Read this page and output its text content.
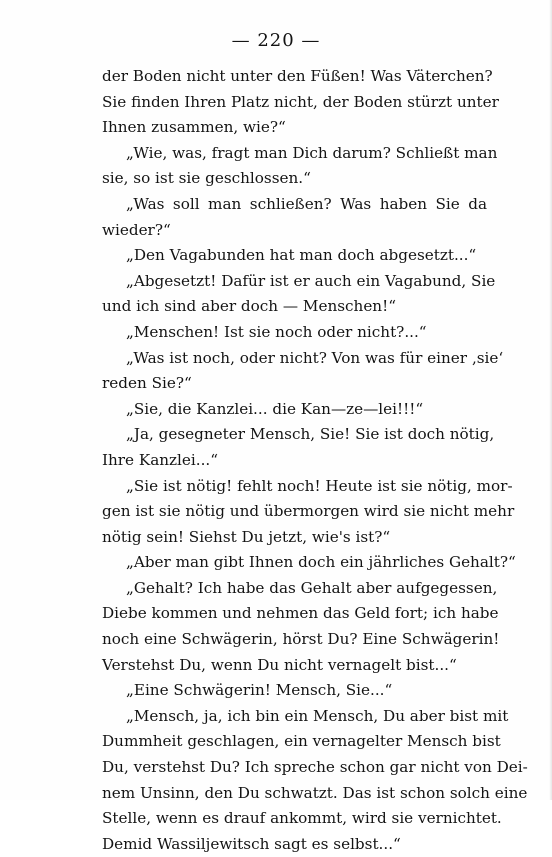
— 220 —
der Boden nicht unter den Füßen! Was Väterchen?
Sie finden Ihren Platz nicht, der Boden stürzt unter
Ihnen zusammen, wie?“
„Wie, was, fragt man Dich darum? Schließt man
sie, so ist sie geschlossen.“
„Was soll man schließen? Was haben Sie da
wieder?“
„Den Vagabunden hat man doch abgesetzt...“
„Abgesetzt! Dafür ist er auch ein Vagabund, Sie
und ich sind aber doch — Menschen!“
„Menschen! Ist sie noch oder nicht?...“
„Was ist noch, oder nicht? Von was für einer ‚sie‘
reden Sie?“
„Sie, die Kanzlei... die Kan—ze—lei!!!“
„Ja, gesegneter Mensch, Sie! Sie ist doch nötig,
Ihre Kanzlei...“
„Sie ist nötig! fehlt noch! Heute ist sie nötig, mor-
gen ist sie nötig und übermorgen wird sie nicht mehr
nötig sein! Siehst Du jetzt, wie's ist?“
„Aber man gibt Ihnen doch ein jährliches Gehalt?“
„Gehalt? Ich habe das Gehalt aber aufgegessen,
Diebe kommen und nehmen das Geld fort; ich habe
noch eine Schwägerin, hörst Du? Eine Schwägerin!
Verstehst Du, wenn Du nicht vernagelt bist...“
„Eine Schwägerin! Mensch, Sie...“
„Mensch, ja, ich bin ein Mensch, Du aber bist mit
Dummheit geschlagen, ein vernagelter Mensch bist
Du, verstehst Du? Ich spreche schon gar nicht von Dei-
nem Unsinn, den Du schwatzt. Das ist schon solch eine
Stelle, wenn es drauf ankommt, wird sie vernichtet.
Demid Wassiljewitsch sagt es selbst...“
